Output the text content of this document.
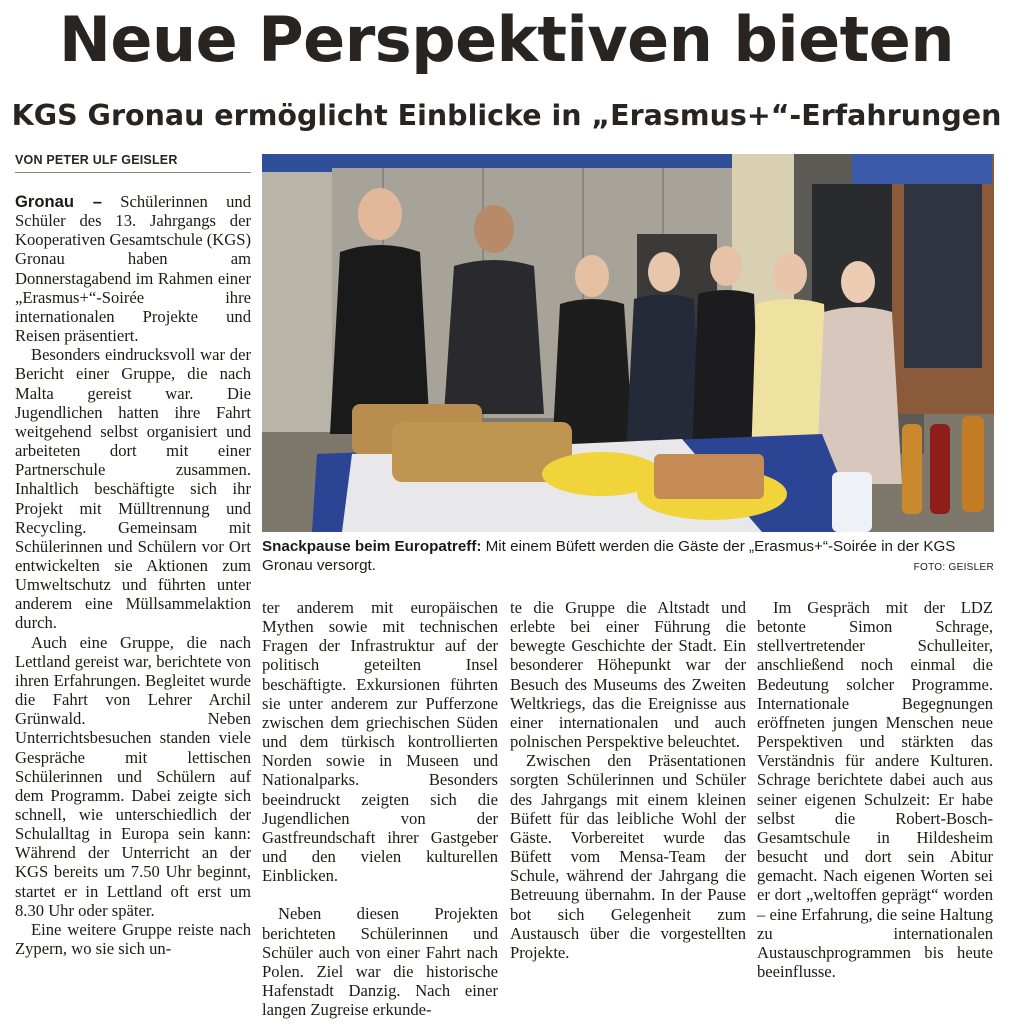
Neue Perspektiven bieten
KGS Gronau ermöglicht Einblicke in „Erasmus+“-Erfahrungen
VON PETER ULF GEISLER

Gronau – Schülerinnen und Schüler des 13. Jahrgangs der Kooperativen Gesamtschule (KGS) Gronau haben am Donnerstagabend im Rahmen einer „Erasmus+“-Soirée ihre internationalen Projekte und Reisen präsentiert.

Besonders eindrucksvoll war der Bericht einer Gruppe, die nach Malta gereist war. Die Jugendlichen hatten ihre Fahrt weitgehend selbst organisiert und arbeiteten dort mit einer Partnerschule zusammen. Inhaltlich beschäftigte sich ihr Projekt mit Mülltrennung und Recycling. Gemeinsam mit Schülerinnen und Schülern vor Ort entwickelten sie Aktionen zum Umweltschutz und führten unter anderem eine Müllsammelaktion durch.

Auch eine Gruppe, die nach Lettland gereist war, berichtete von ihren Erfahrungen. Begleitet wurde die Fahrt von Lehrer Archil Grünwald. Neben Unterrichtsbesuchen standen viele Gespräche mit lettischen Schülerinnen und Schülern auf dem Programm. Dabei zeigte sich schnell, wie unterschiedlich der Schulalltag in Europa sein kann: Während der Unterricht an der KGS bereits um 7.50 Uhr beginnt, startet er in Lettland oft erst um 8.30 Uhr oder später.

Eine weitere Gruppe reiste nach Zypern, wo sie sich un-

Snackpause beim Europatreff: Mit einem Büfett werden die Gäste der „Erasmus+“-Soirée in der KGS Gronau versorgt.	FOTO: GEISLER

ter anderem mit europäischen Mythen sowie mit technischen Fragen der Infrastruktur auf der politisch geteilten Insel beschäftigte. Exkursionen führten sie unter anderem zur Pufferzone zwischen dem griechischen Süden und dem türkisch kontrollierten Norden sowie in Museen und Nationalparks. Besonders beeindruckt zeigten sich die Jugendlichen von der Gastfreundschaft ihrer Gastgeber und den vielen kulturellen Einblicken.

Neben diesen Projekten berichteten Schülerinnen und Schüler auch von einer Fahrt nach Polen. Ziel war die historische Hafenstadt Danzig. Nach einer langen Zugreise erkunde-

te die Gruppe die Altstadt und erlebte bei einer Führung die bewegte Geschichte der Stadt. Ein besonderer Höhepunkt war der Besuch des Museums des Zweiten Weltkriegs, das die Ereignisse aus einer internationalen und auch polnischen Perspektive beleuchtet.

Zwischen den Präsentationen sorgten Schülerinnen und Schüler des Jahrgangs mit einem kleinen Büfett für das leibliche Wohl der Gäste. Vorbereitet wurde das Büfett vom Mensa-Team der Schule, während der Jahrgang die Betreuung übernahm. In der Pause bot sich Gelegenheit zum Austausch über die vorgestellten Projekte.

Im Gespräch mit der LDZ betonte Simon Schrage, stellvertretender Schulleiter, anschließend noch einmal die Bedeutung solcher Programme. Internationale Begegnungen eröffneten jungen Menschen neue Perspektiven und stärkten das Verständnis für andere Kulturen. Schrage berichtete dabei auch aus seiner eigenen Schulzeit: Er habe selbst die Robert-Bosch-Gesamtschule in Hildesheim besucht und dort sein Abitur gemacht. Nach eigenen Worten sei er dort „weltoffen geprägt“ worden – eine Erfahrung, die seine Haltung zu internationalen Austauschprogrammen bis heute beeinflusse.
